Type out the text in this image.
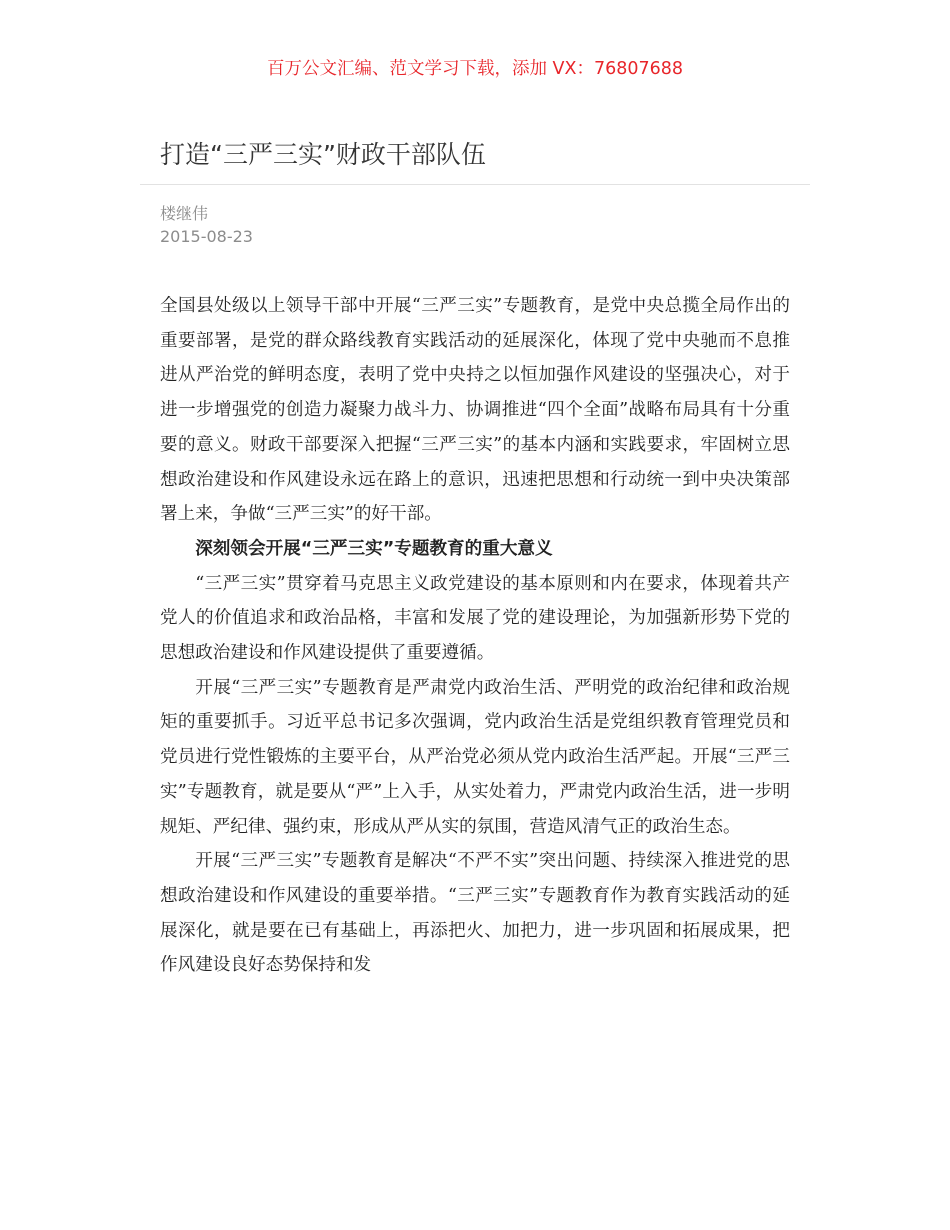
百万公文汇编、范文学习下载，添加 VX：76807688
打造“三严三实”财政干部队伍
楼继伟
2015-08-23

全国县处级以上领导干部中开展“三严三实”专题教育，是党中央总揽全局作出的重要部署，是党的群众路线教育实践活动的延展深化，体现了党中央驰而不息推进从严治党的鲜明态度，表明了党中央持之以恒加强作风建设的坚强决心，对于进一步增强党的创造力凝聚力战斗力、协调推进“四个全面”战略布局具有十分重要的意义。财政干部要深入把握“三严三实”的基本内涵和实践要求，牢固树立思想政治建设和作风建设永远在路上的意识，迅速把思想和行动统一到中央决策部署上来，争做“三严三实”的好干部。

深刻领会开展“三严三实”专题教育的重大意义

“三严三实”贯穿着马克思主义政党建设的基本原则和内在要求，体现着共产党人的价值追求和政治品格，丰富和发展了党的建设理论，为加强新形势下党的思想政治建设和作风建设提供了重要遵循。

开展“三严三实”专题教育是严肃党内政治生活、严明党的政治纪律和政治规矩的重要抓手。习近平总书记多次强调，党内政治生活是党组织教育管理党员和党员进行党性锻炼的主要平台，从严治党必须从党内政治生活严起。开展“三严三实”专题教育，就是要从“严”上入手，从实处着力，严肃党内政治生活，进一步明规矩、严纪律、强约束，形成从严从实的氛围，营造风清气正的政治生态。

开展“三严三实”专题教育是解决“不严不实”突出问题、持续深入推进党的思想政治建设和作风建设的重要举措。“三严三实”专题教育作为教育实践活动的延展深化，就是要在已有基础上，再添把火、加把力，进一步巩固和拓展成果，把作风建设良好态势保持和发
